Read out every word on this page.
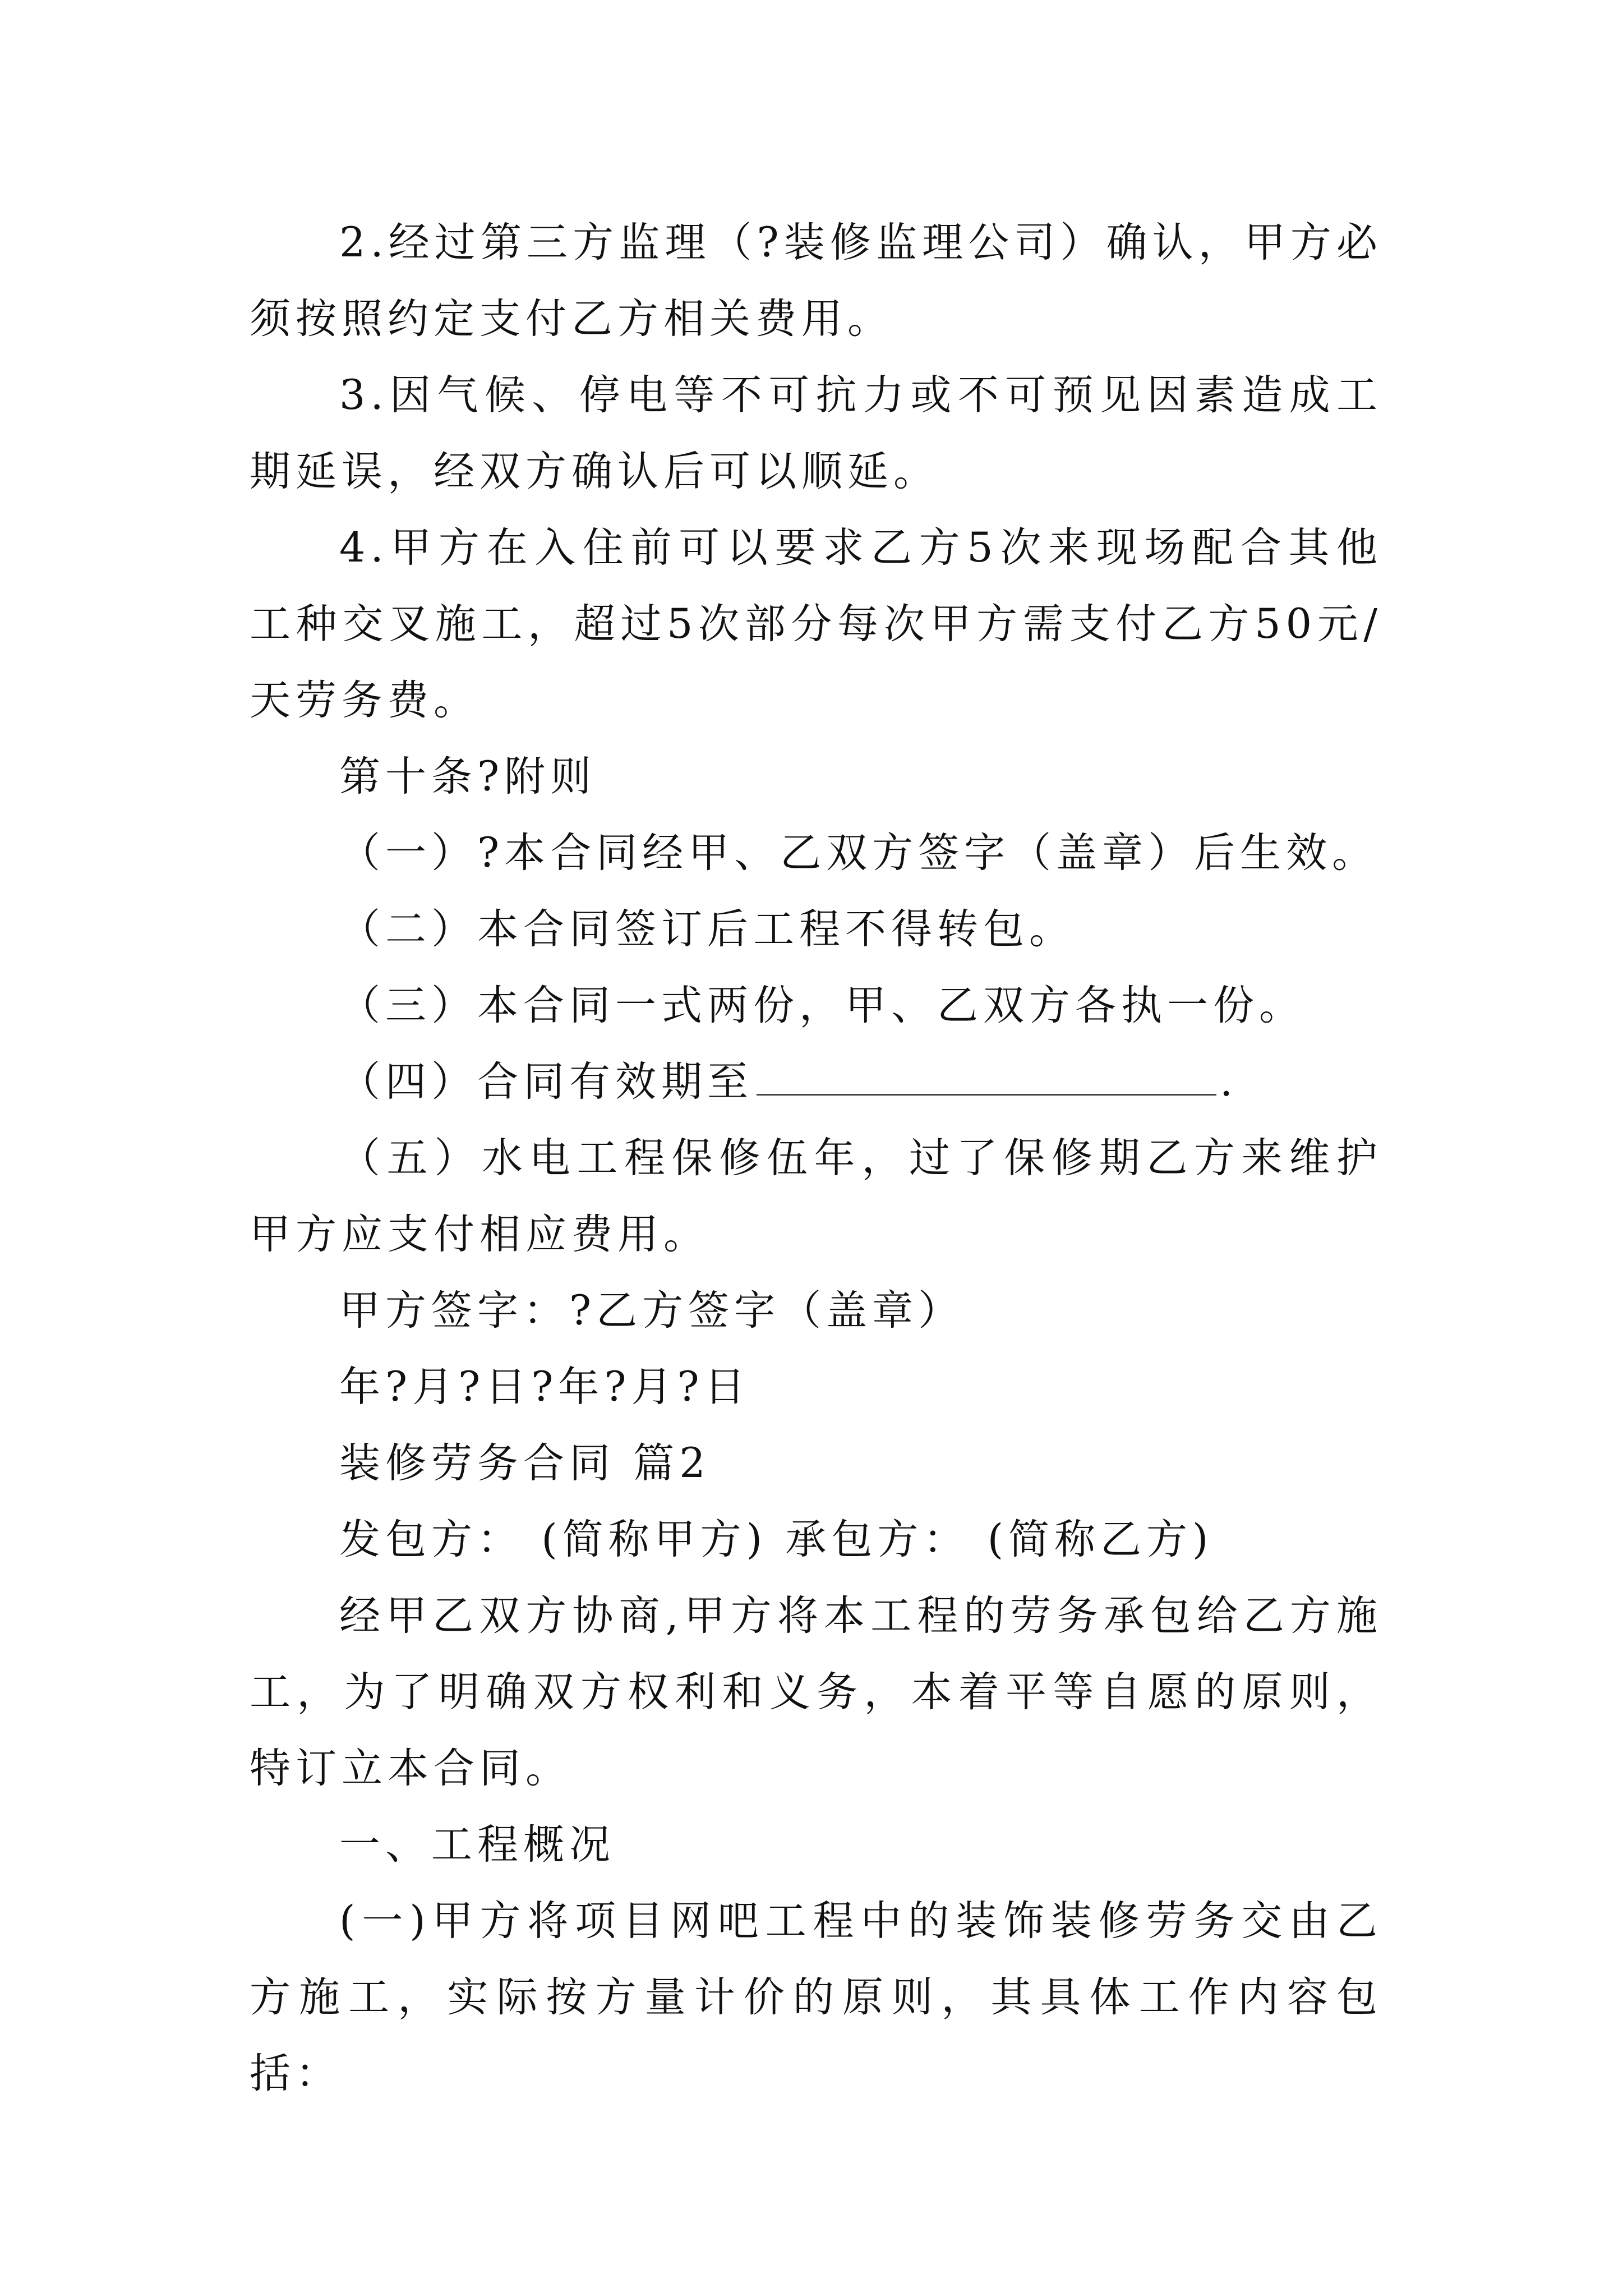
2.经过第三方监理（?装修监理公司）确认，甲方必须按照约定支付乙方相关费用。

3.因气候、停电等不可抗力或不可预见因素造成工期延误，经双方确认后可以顺延。

4.甲方在入住前可以要求乙方5次来现场配合其他工种交叉施工，超过5次部分每次甲方需支付乙方50元/天劳务费。

第十条?附则

（一）?本合同经甲、乙双方签字（盖章）后生效。

（二）本合同签订后工程不得转包。

（三）本合同一式两份，甲、乙双方各执一份。

（四）合同有效期至	.

（五）水电工程保修伍年，过了保修期乙方来维护甲方应支付相应费用。

甲方签字：?乙方签字（盖章）

年?月?日?年?月?日

装修劳务合同 篇2

发包方： (简称甲方) 承包方： (简称乙方)

经甲乙双方协商,甲方将本工程的劳务承包给乙方施工，为了明确双方权利和义务，本着平等自愿的原则，特订立本合同。

一、工程概况

(一)甲方将项目网吧工程中的装饰装修劳务交由乙方施工，实际按方量计价的原则，其具体工作内容包括：
